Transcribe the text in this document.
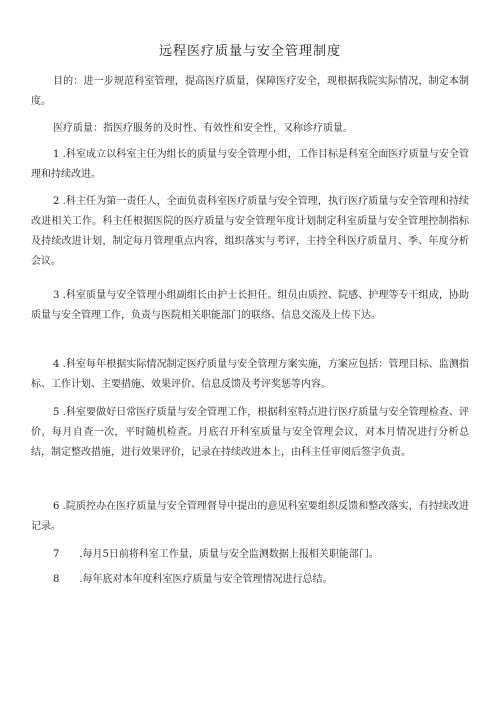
远程医疗质量与安全管理制度

目的：进一步规范科室管理，提高医疗质量，保障医疗安全，现根据我院实际情况，制定本制度。

医疗质量：指医疗服务的及时性、有效性和安全性，又称诊疗质量。

1 .科室成立以科室主任为组长的质量与安全管理小组，工作目标是科室全面医疗质量与安全管理和持续改进。

2 .科主任为第一责任人，全面负责科室医疗质量与安全管理，执行医疗质量与安全管理和持续改进相关工作。科主任根据医院的医疗质量与安全管理年度计划制定科室质量与安全管理控制指标及持续改进计划，制定每月管理重点内容，组织落实与考评，主持全科医疗质量月、季、年度分析会议。

3 .科室质量与安全管理小组副组长由护士长担任。组员由质控、院感、护理等专干组成，协助质量与安全管理工作，负责与医院相关职能部门的联络、信息交流及上传下达。

4 .科室每年根据实际情况制定医疗质量与安全管理方案实施，方案应包括：管理目标、监测指标、工作计划、主要措施、效果评价、信息反馈及考评奖惩等内容。

5 .科室要做好日常医疗质量与安全管理工作，根据科室特点进行医疗质量与安全管理检查、评价，每月自查一次，平时随机检查。月底召开科室质量与安全管理会议，对本月情况进行分析总结，制定整改措施，进行效果评价，记录在持续改进本上，由科主任审阅后签字负责。

6 .院质控办在医疗质量与安全管理督导中提出的意见科室要组织反馈和整改落实，有持续改进记录。

7　　.每月5日前将科室工作量，质量与安全监测数据上报相关职能部门。

8　　.每年底对本年度科室医疗质量与安全管理情况进行总结。
